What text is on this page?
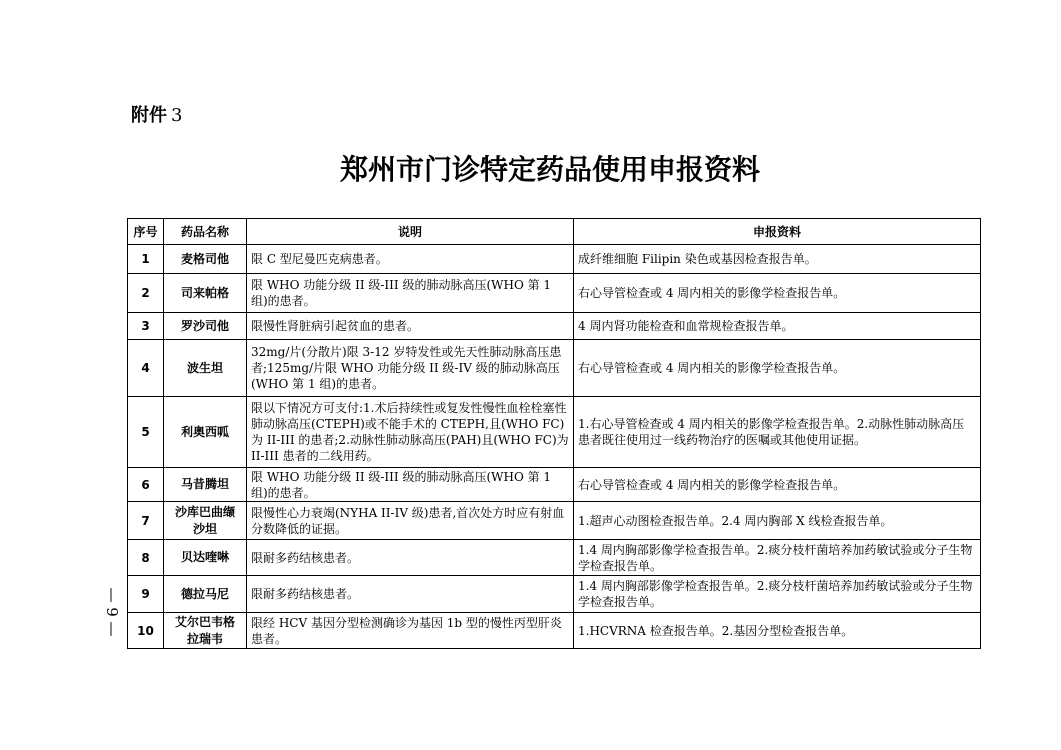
附件 3
郑州市门诊特定药品使用申报资料
序号	药品名称	说明	申报资料
1	麦格司他	限 C 型尼曼匹克病患者。	成纤维细胞 Filipin 染色或基因检查报告单。
2	司来帕格	限 WHO 功能分级 II 级-III 级的肺动脉高压(WHO 第 1 组)的患者。	右心导管检查或 4 周内相关的影像学检查报告单。
3	罗沙司他	限慢性肾脏病引起贫血的患者。	4 周内肾功能检查和血常规检查报告单。
4	波生坦	32mg/片(分散片)限 3-12 岁特发性或先天性肺动脉高压患者;125mg/片限 WHO 功能分级 II 级-IV 级的肺动脉高压(WHO 第 1 组)的患者。	右心导管检查或 4 周内相关的影像学检查报告单。
5	利奥西呱	限以下情况方可支付:1.术后持续性或复发性慢性血栓栓塞性肺动脉高压(CTEPH)或不能手术的 CTEPH,且(WHO FC)为 II-III 的患者;2.动脉性肺动脉高压(PAH)且(WHO FC)为 II-III 患者的二线用药。	1.右心导管检查或 4 周内相关的影像学检查报告单。2.动脉性肺动脉高压患者既往使用过一线药物治疗的医嘱或其他使用证据。
6	马昔腾坦	限 WHO 功能分级 II 级-III 级的肺动脉高压(WHO 第 1 组)的患者。	右心导管检查或 4 周内相关的影像学检查报告单。
7	沙库巴曲缬沙坦	限慢性心力衰竭(NYHA II-IV 级)患者,首次处方时应有射血分数降低的证据。	1.超声心动图检查报告单。2.4 周内胸部 X 线检查报告单。
8	贝达喹啉	限耐多药结核患者。	1.4 周内胸部影像学检查报告单。2.痰分枝杆菌培养加药敏试验或分子生物学检查报告单。
9	德拉马尼	限耐多药结核患者。	1.4 周内胸部影像学检查报告单。2.痰分枝杆菌培养加药敏试验或分子生物学检查报告单。
10	艾尔巴韦格拉瑞韦	限经 HCV 基因分型检测确诊为基因 1b 型的慢性丙型肝炎患者。	1.HCVRNA 检查报告单。2.基因分型检查报告单。
— 9 —
